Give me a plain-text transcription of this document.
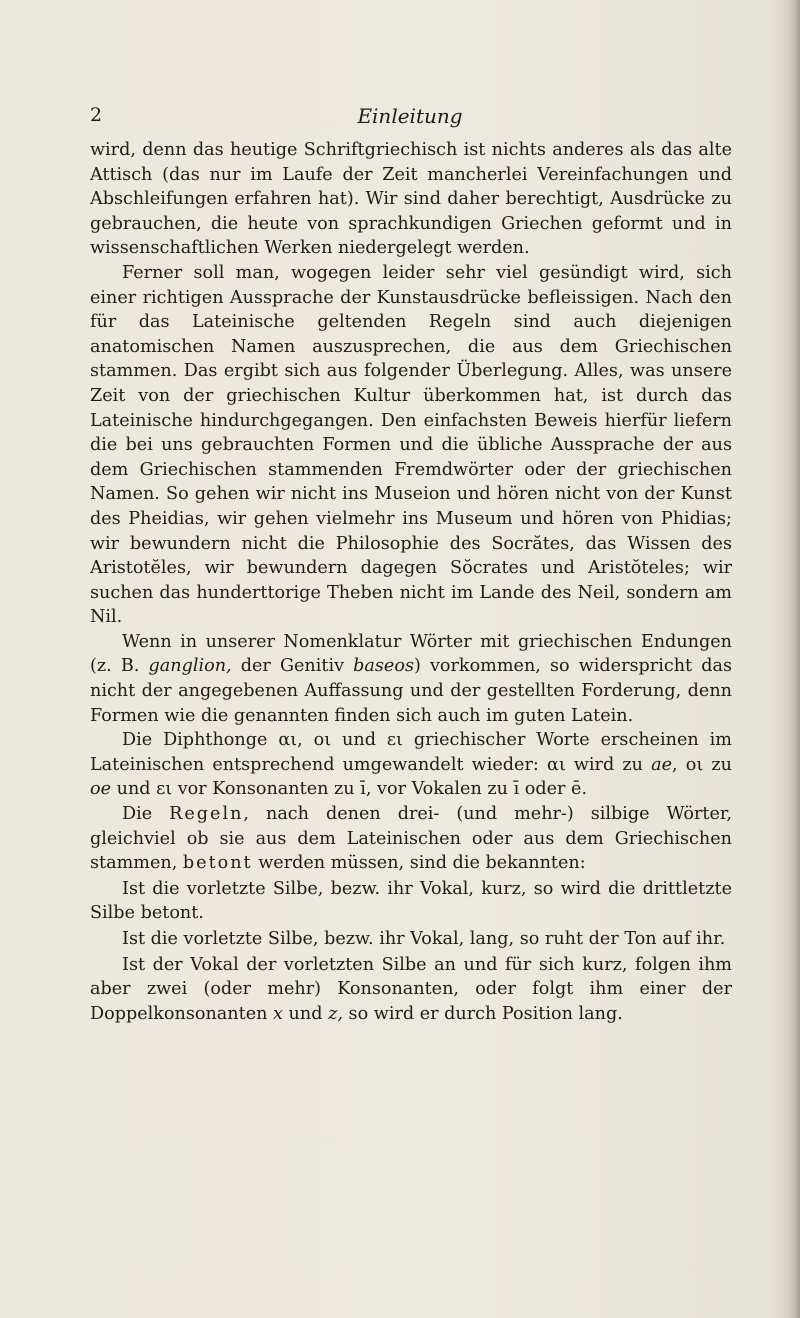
2	Einleitung

wird, denn das heutige Schriftgriechisch ist nichts anderes als das alte Attisch (das nur im Laufe der Zeit mancherlei Vereinfachungen und Abschleifungen erfahren hat). Wir sind daher berechtigt, Ausdrücke zu gebrauchen, die heute von sprachkundigen Griechen geformt und in wissenschaftlichen Werken niedergelegt werden.

Ferner soll man, wogegen leider sehr viel gesündigt wird, sich einer richtigen Aussprache der Kunstausdrücke befleissigen. Nach den für das Lateinische geltenden Regeln sind auch diejenigen anatomischen Namen auszusprechen, die aus dem Griechischen stammen. Das ergibt sich aus folgender Überlegung. Alles, was unsere Zeit von der griechischen Kultur überkommen hat, ist durch das Lateinische hindurchgegangen. Den einfachsten Beweis hierfür liefern die bei uns gebrauchten Formen und die übliche Aussprache der aus dem Griechischen stammenden Fremdwörter oder der griechischen Namen. So gehen wir nicht ins Museion und hören nicht von der Kunst des Pheidias, wir gehen vielmehr ins Museum und hören von Phidias; wir bewundern nicht die Philosophie des Socrătes, das Wissen des Aristotĕles, wir bewundern dagegen Sŏcrates und Aristŏteles; wir suchen das hunderttorige Theben nicht im Lande des Neil, sondern am Nil.

Wenn in unserer Nomenklatur Wörter mit griechischen Endungen (z. B. ganglion, der Genitiv baseos) vorkommen, so widerspricht das nicht der angegebenen Auffassung und der gestellten Forderung, denn Formen wie die genannten finden sich auch im guten Latein.

Die Diphthonge αι, οι und ει griechischer Worte erscheinen im Lateinischen entsprechend umgewandelt wieder: αι wird zu ae, οι zu oe und ει vor Konsonanten zu ī, vor Vokalen zu ī oder ē.

Die Regeln, nach denen drei- (und mehr-) silbige Wörter, gleichviel ob sie aus dem Lateinischen oder aus dem Griechischen stammen, betont werden müssen, sind die bekannten:

Ist die vorletzte Silbe, bezw. ihr Vokal, kurz, so wird die drittletzte Silbe betont.

Ist die vorletzte Silbe, bezw. ihr Vokal, lang, so ruht der Ton auf ihr.

Ist der Vokal der vorletzten Silbe an und für sich kurz, folgen ihm aber zwei (oder mehr) Konsonanten, oder folgt ihm einer der Doppelkonsonanten x und z, so wird er durch Position lang.
